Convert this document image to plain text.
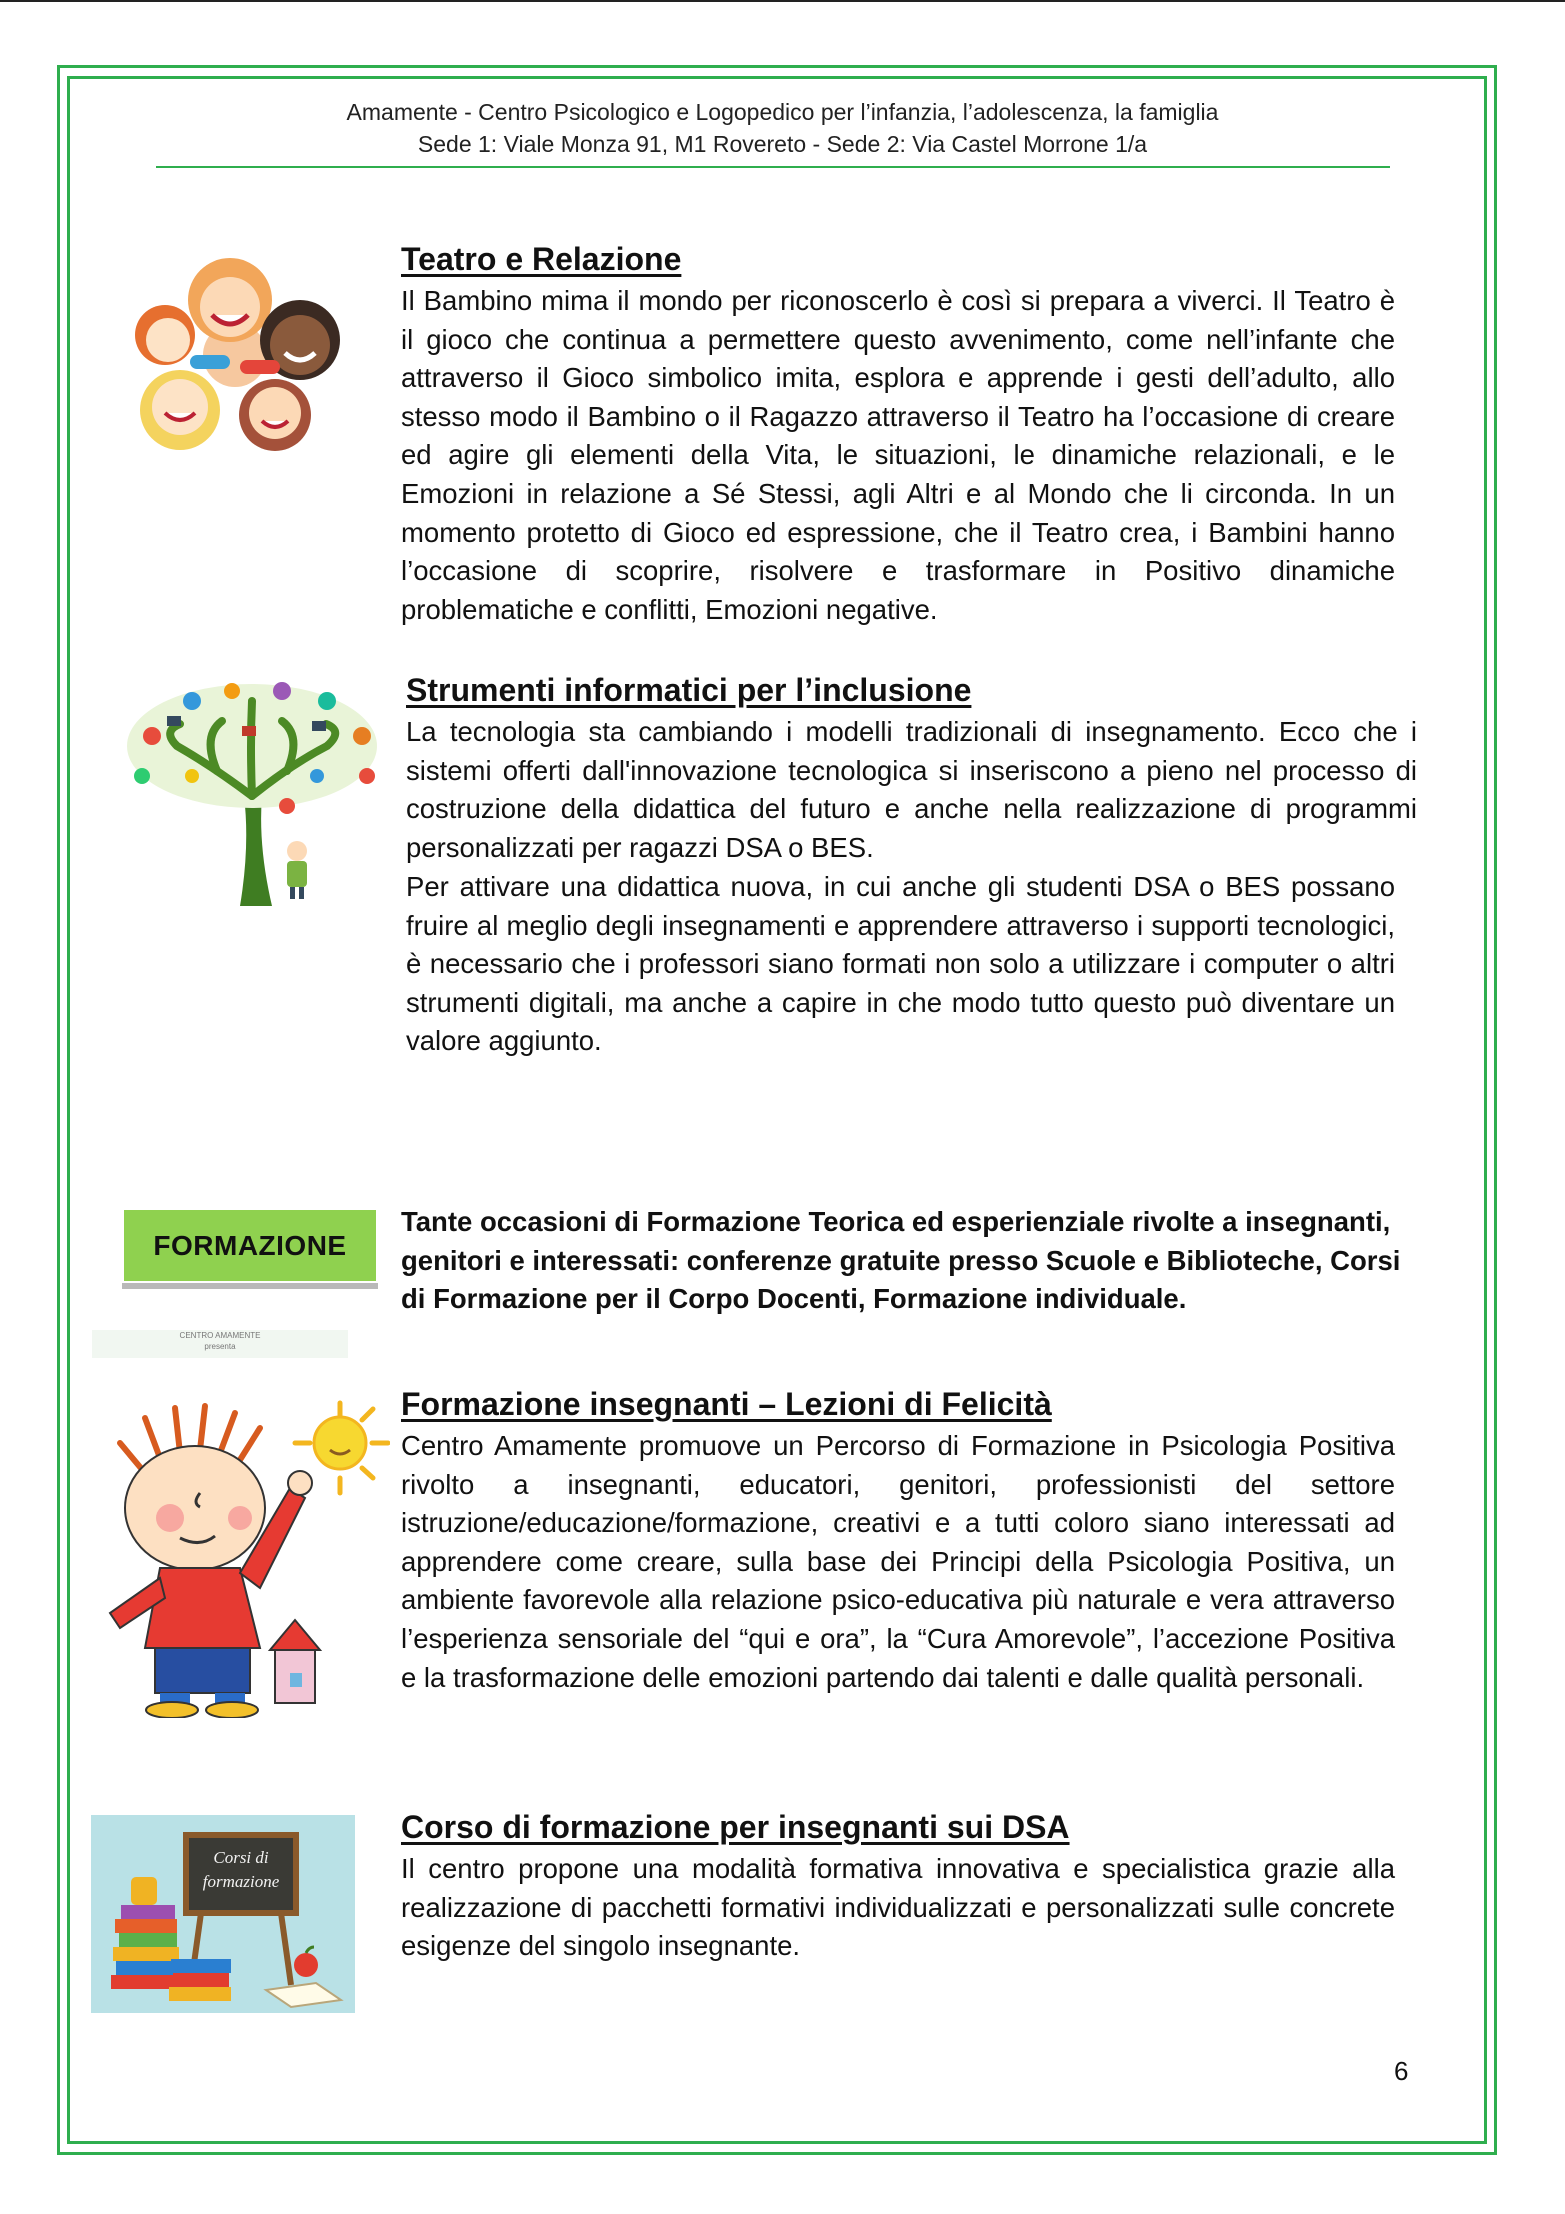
Amamente - Centro Psicologico e Logopedico per l’infanzia, l’adolescenza, la famiglia
Sede 1: Viale Monza 91, M1 Rovereto - Sede 2: Via Castel Morrone 1/a
Teatro e Relazione
Il Bambino mima il mondo per riconoscerlo è così si prepara a viverci. Il Teatro è il gioco che continua a permettere questo avvenimento, come nell’infante che attraverso il Gioco simbolico imita, esplora e apprende i gesti dell’adulto, allo stesso modo il Bambino o il Ragazzo attraverso il Teatro ha l’occasione di creare ed agire gli elementi della Vita, le situazioni, le dinamiche relazionali, e le Emozioni in relazione a Sé Stessi, agli Altri e al Mondo che li circonda. In un momento protetto di Gioco ed espressione, che il Teatro crea, i Bambini hanno l’occasione di scoprire, risolvere e trasformare in Positivo dinamiche problematiche e conflitti, Emozioni negative.
Strumenti informatici per l’inclusione
La tecnologia sta cambiando i modelli tradizionali di insegnamento. Ecco che i sistemi offerti dall'innovazione tecnologica si inseriscono a pieno nel processo di costruzione della didattica del futuro e anche nella realizzazione di programmi personalizzati per ragazzi DSA o BES.
Per attivare una didattica nuova, in cui anche gli studenti DSA o BES possano fruire al meglio degli insegnamenti e apprendere attraverso i supporti tecnologici, è necessario che i professori siano formati non solo a utilizzare i computer o altri strumenti digitali, ma anche a capire in che modo tutto questo può diventare un valore aggiunto.
FORMAZIONE
Tante occasioni di Formazione Teorica ed esperienziale rivolte a insegnanti, genitori e interessati: conferenze gratuite presso Scuole e Biblioteche, Corsi di Formazione per il Corpo Docenti, Formazione individuale.
CENTRO AMAMENTE
presenta
Formazione insegnanti – Lezioni di Felicità
Centro Amamente promuove un Percorso di Formazione in Psicologia Positiva rivolto a insegnanti, educatori, genitori, professionisti del settore istruzione/educazione/formazione, creativi e a tutti coloro siano interessati ad apprendere come creare, sulla base dei Principi della Psicologia Positiva, un ambiente favorevole alla relazione psico-educativa più naturale e vera attraverso l’esperienza sensoriale del “qui e ora”, la “Cura Amorevole”, l’accezione Positiva e la trasformazione delle emozioni partendo dai talenti e dalle qualità personali.
Corsi di
formazione
Corso di formazione per insegnanti sui DSA
Il centro propone una modalità formativa innovativa e specialistica grazie alla realizzazione di pacchetti formativi individualizzati e personalizzati sulle concrete esigenze del singolo insegnante.
6
